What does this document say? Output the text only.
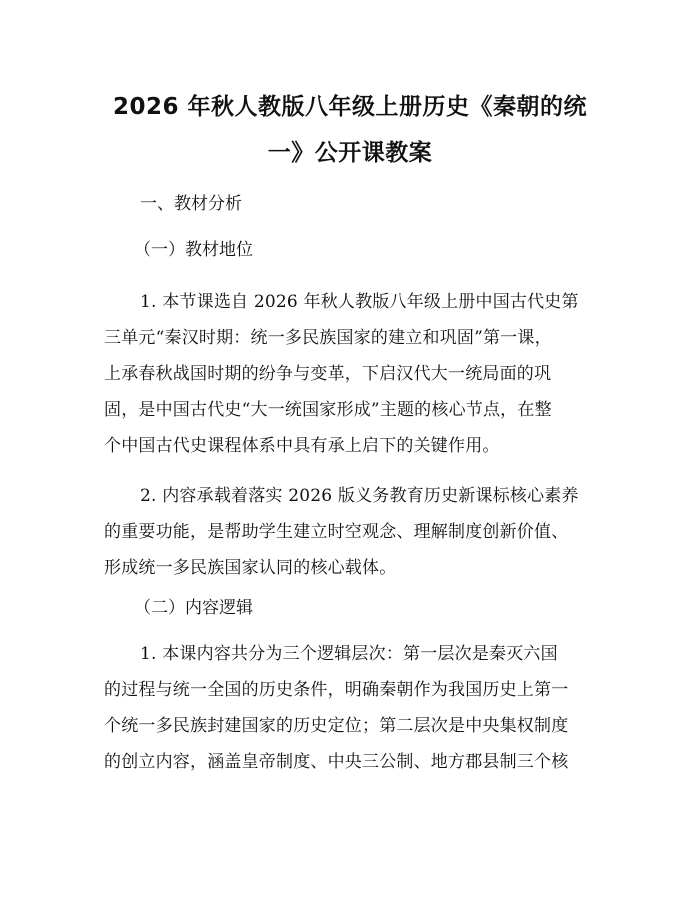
2026 年秋人教版八年级上册历史《秦朝的统
一》公开课教案

一、教材分析

（一）教材地位

1. 本节课选自 2026 年秋人教版八年级上册中国古代史第
三单元“秦汉时期：统一多民族国家的建立和巩固”第一课，
上承春秋战国时期的纷争与变革，下启汉代大一统局面的巩
固，是中国古代史“大一统国家形成”主题的核心节点，在整
个中国古代史课程体系中具有承上启下的关键作用。
2. 内容承载着落实 2026 版义务教育历史新课标核心素养
的重要功能，是帮助学生建立时空观念、理解制度创新价值、
形成统一多民族国家认同的核心载体。

（二）内容逻辑

1. 本课内容共分为三个逻辑层次：第一层次是秦灭六国
的过程与统一全国的历史条件，明确秦朝作为我国历史上第一
个统一多民族封建国家的历史定位；第二层次是中央集权制度
的创立内容，涵盖皇帝制度、中央三公制、地方郡县制三个核
